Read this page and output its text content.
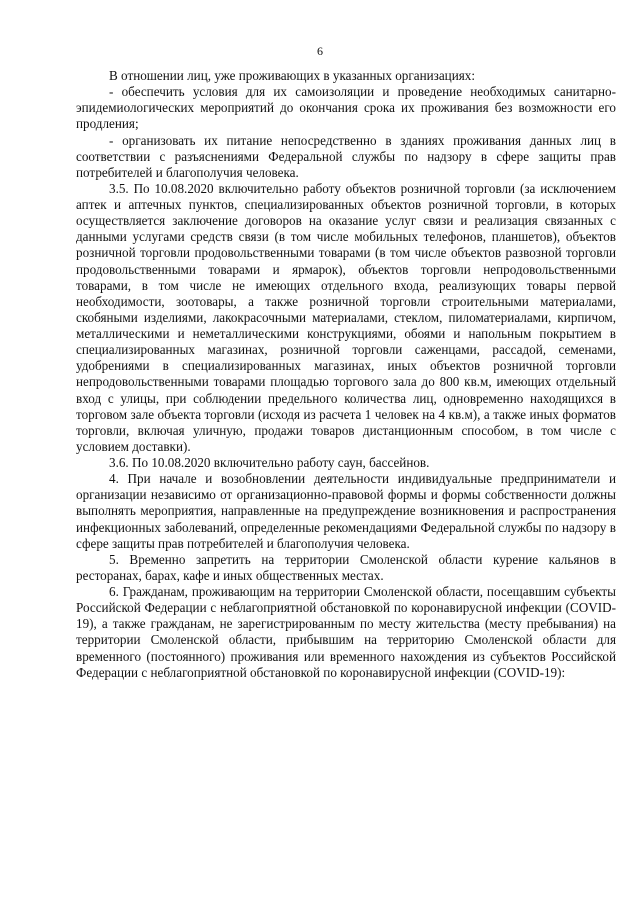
6

В отношении лиц, уже проживающих в указанных организациях:

- обеспечить условия для их самоизоляции и проведение необходимых санитарно-эпидемиологических мероприятий до окончания срока их проживания без возможности его продления;

- организовать их питание непосредственно в зданиях проживания данных лиц в соответствии с разъяснениями Федеральной службы по надзору в сфере защиты прав потребителей и благополучия человека.

3.5. По 10.08.2020 включительно работу объектов розничной торговли (за исключением аптек и аптечных пунктов, специализированных объектов розничной торговли, в которых осуществляется заключение договоров на оказание услуг связи и реализация связанных с данными услугами средств связи (в том числе мобильных телефонов, планшетов), объектов розничной торговли продовольственными товарами (в том числе объектов развозной торговли продовольственными товарами и ярмарок), объектов торговли непродовольственными товарами, в том числе не имеющих отдельного входа, реализующих товары первой необходимости, зоотовары, а также розничной торговли строительными материалами, скобяными изделиями, лакокрасочными материалами, стеклом, пиломатериалами, кирпичом, металлическими и неметаллическими конструкциями, обоями и напольным покрытием в специализированных магазинах, розничной торговли саженцами, рассадой, семенами, удобрениями в специализированных магазинах, иных объектов розничной торговли непродовольственными товарами площадью торгового зала до 800 кв.м, имеющих отдельный вход с улицы, при соблюдении предельного количества лиц, одновременно находящихся в торговом зале объекта торговли (исходя из расчета 1 человек на 4 кв.м), а также иных форматов торговли, включая уличную, продажи товаров дистанционным способом, в том числе с условием доставки).

3.6. По 10.08.2020 включительно работу саун, бассейнов.

4. При начале и возобновлении деятельности индивидуальные предприниматели и организации независимо от организационно-правовой формы и формы собственности должны выполнять мероприятия, направленные на предупреждение возникновения и распространения инфекционных заболеваний, определенные рекомендациями Федеральной службы по надзору в сфере защиты прав потребителей и благополучия человека.

5. Временно запретить на территории Смоленской области курение кальянов в ресторанах, барах, кафе и иных общественных местах.

6. Гражданам, проживающим на территории Смоленской области, посещавшим субъекты Российской Федерации с неблагоприятной обстановкой по коронавирусной инфекции (COVID-19), а также гражданам, не зарегистрированным по месту жительства (месту пребывания) на территории Смоленской области, прибывшим на территорию Смоленской области для временного (постоянного) проживания или временного нахождения из субъектов Российской Федерации с неблагоприятной обстановкой по коронавирусной инфекции (COVID-19):
